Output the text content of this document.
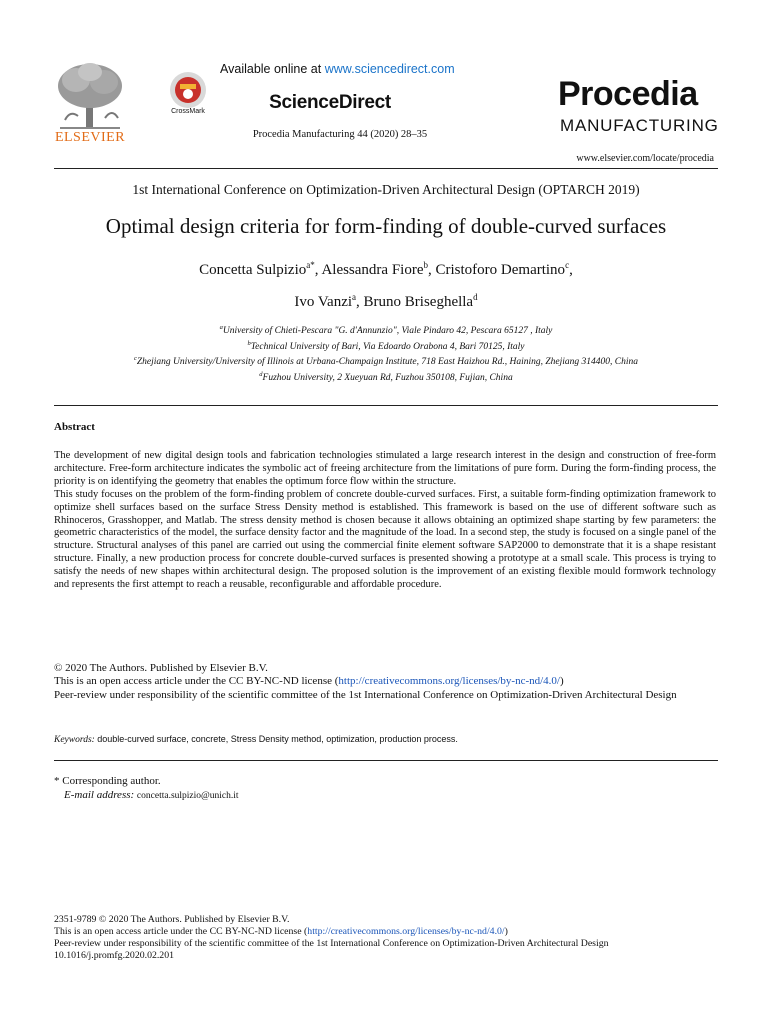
ELSEVIER
CrossMark
Available online at www.sciencedirect.com
ScienceDirect
Procedia Manufacturing 44 (2020) 28–35
Procedia
MANUFACTURING
www.elsevier.com/locate/procedia
1st International Conference on Optimization-Driven Architectural Design (OPTARCH 2019)
Optimal design criteria for form-finding of double-curved surfaces
Concetta Sulpizio$^{a*}$, Alessandra Fiore$^b$, Cristoforo Demartino$^c$,
Ivo Vanzi$^a$, Bruno Briseghella$^d$
$^a$University of Chieti-Pescara "G. d'Annunzio", Viale Pindaro 42, Pescara 65127 , Italy
$^b$Technical University of Bari, Via Edoardo Orabona 4, Bari 70125, Italy
$^c$Zhejiang University/University of Illinois at Urbana-Champaign Institute, 718 East Haizhou Rd., Haining, Zhejiang 314400, China
$^d$Fuzhou University, 2 Xueyuan Rd, Fuzhou 350108, Fujian, China
Abstract

The development of new digital design tools and fabrication technologies stimulated a large research interest in the design and construction of free-form architecture. Free-form architecture indicates the symbolic act of freeing architecture from the limitations of pure form. During the form-finding process, the priority is on identifying the geometry that enables the optimum force flow within the structure.

This study focuses on the problem of the form-finding problem of concrete double-curved surfaces. First, a suitable form-finding optimization framework to optimize shell surfaces based on the surface Stress Density method is established. This framework is based on the use of different software such as Rhinoceros, Grasshopper, and Matlab. The stress density method is chosen because it allows obtaining an optimized shape starting by few parameters: the geometric characteristics of the model, the surface density factor and the magnitude of the load. In a second step, the study is focused on a single panel of the structure. Structural analyses of this panel are carried out using the commercial finite element software SAP2000 to demonstrate that it is a shape resistant structure. Finally, a new production process for concrete double-curved surfaces is presented showing a prototype at a small scale. This process is trying to satisfy the needs of new shapes within architectural design. The proposed solution is the improvement of an existing flexible mould formwork technology and represents the first attempt to reach a reusable, reconfigurable and affordable procedure.

© 2020 The Authors. Published by Elsevier B.V.
This is an open access article under the CC BY-NC-ND license (http://creativecommons.org/licenses/by-nc-nd/4.0/)
Peer-review under responsibility of the scientific committee of the 1st International Conference on Optimization-Driven Architectural Design
Keywords: double-curved surface, concrete, Stress Density method, optimization, production process.
* Corresponding author.
E-mail address: concetta.sulpizio@unich.it
2351-9789 © 2020 The Authors. Published by Elsevier B.V.
This is an open access article under the CC BY-NC-ND license (http://creativecommons.org/licenses/by-nc-nd/4.0/)
Peer-review under responsibility of the scientific committee of the 1st International Conference on Optimization-Driven Architectural Design
10.1016/j.promfg.2020.02.201
